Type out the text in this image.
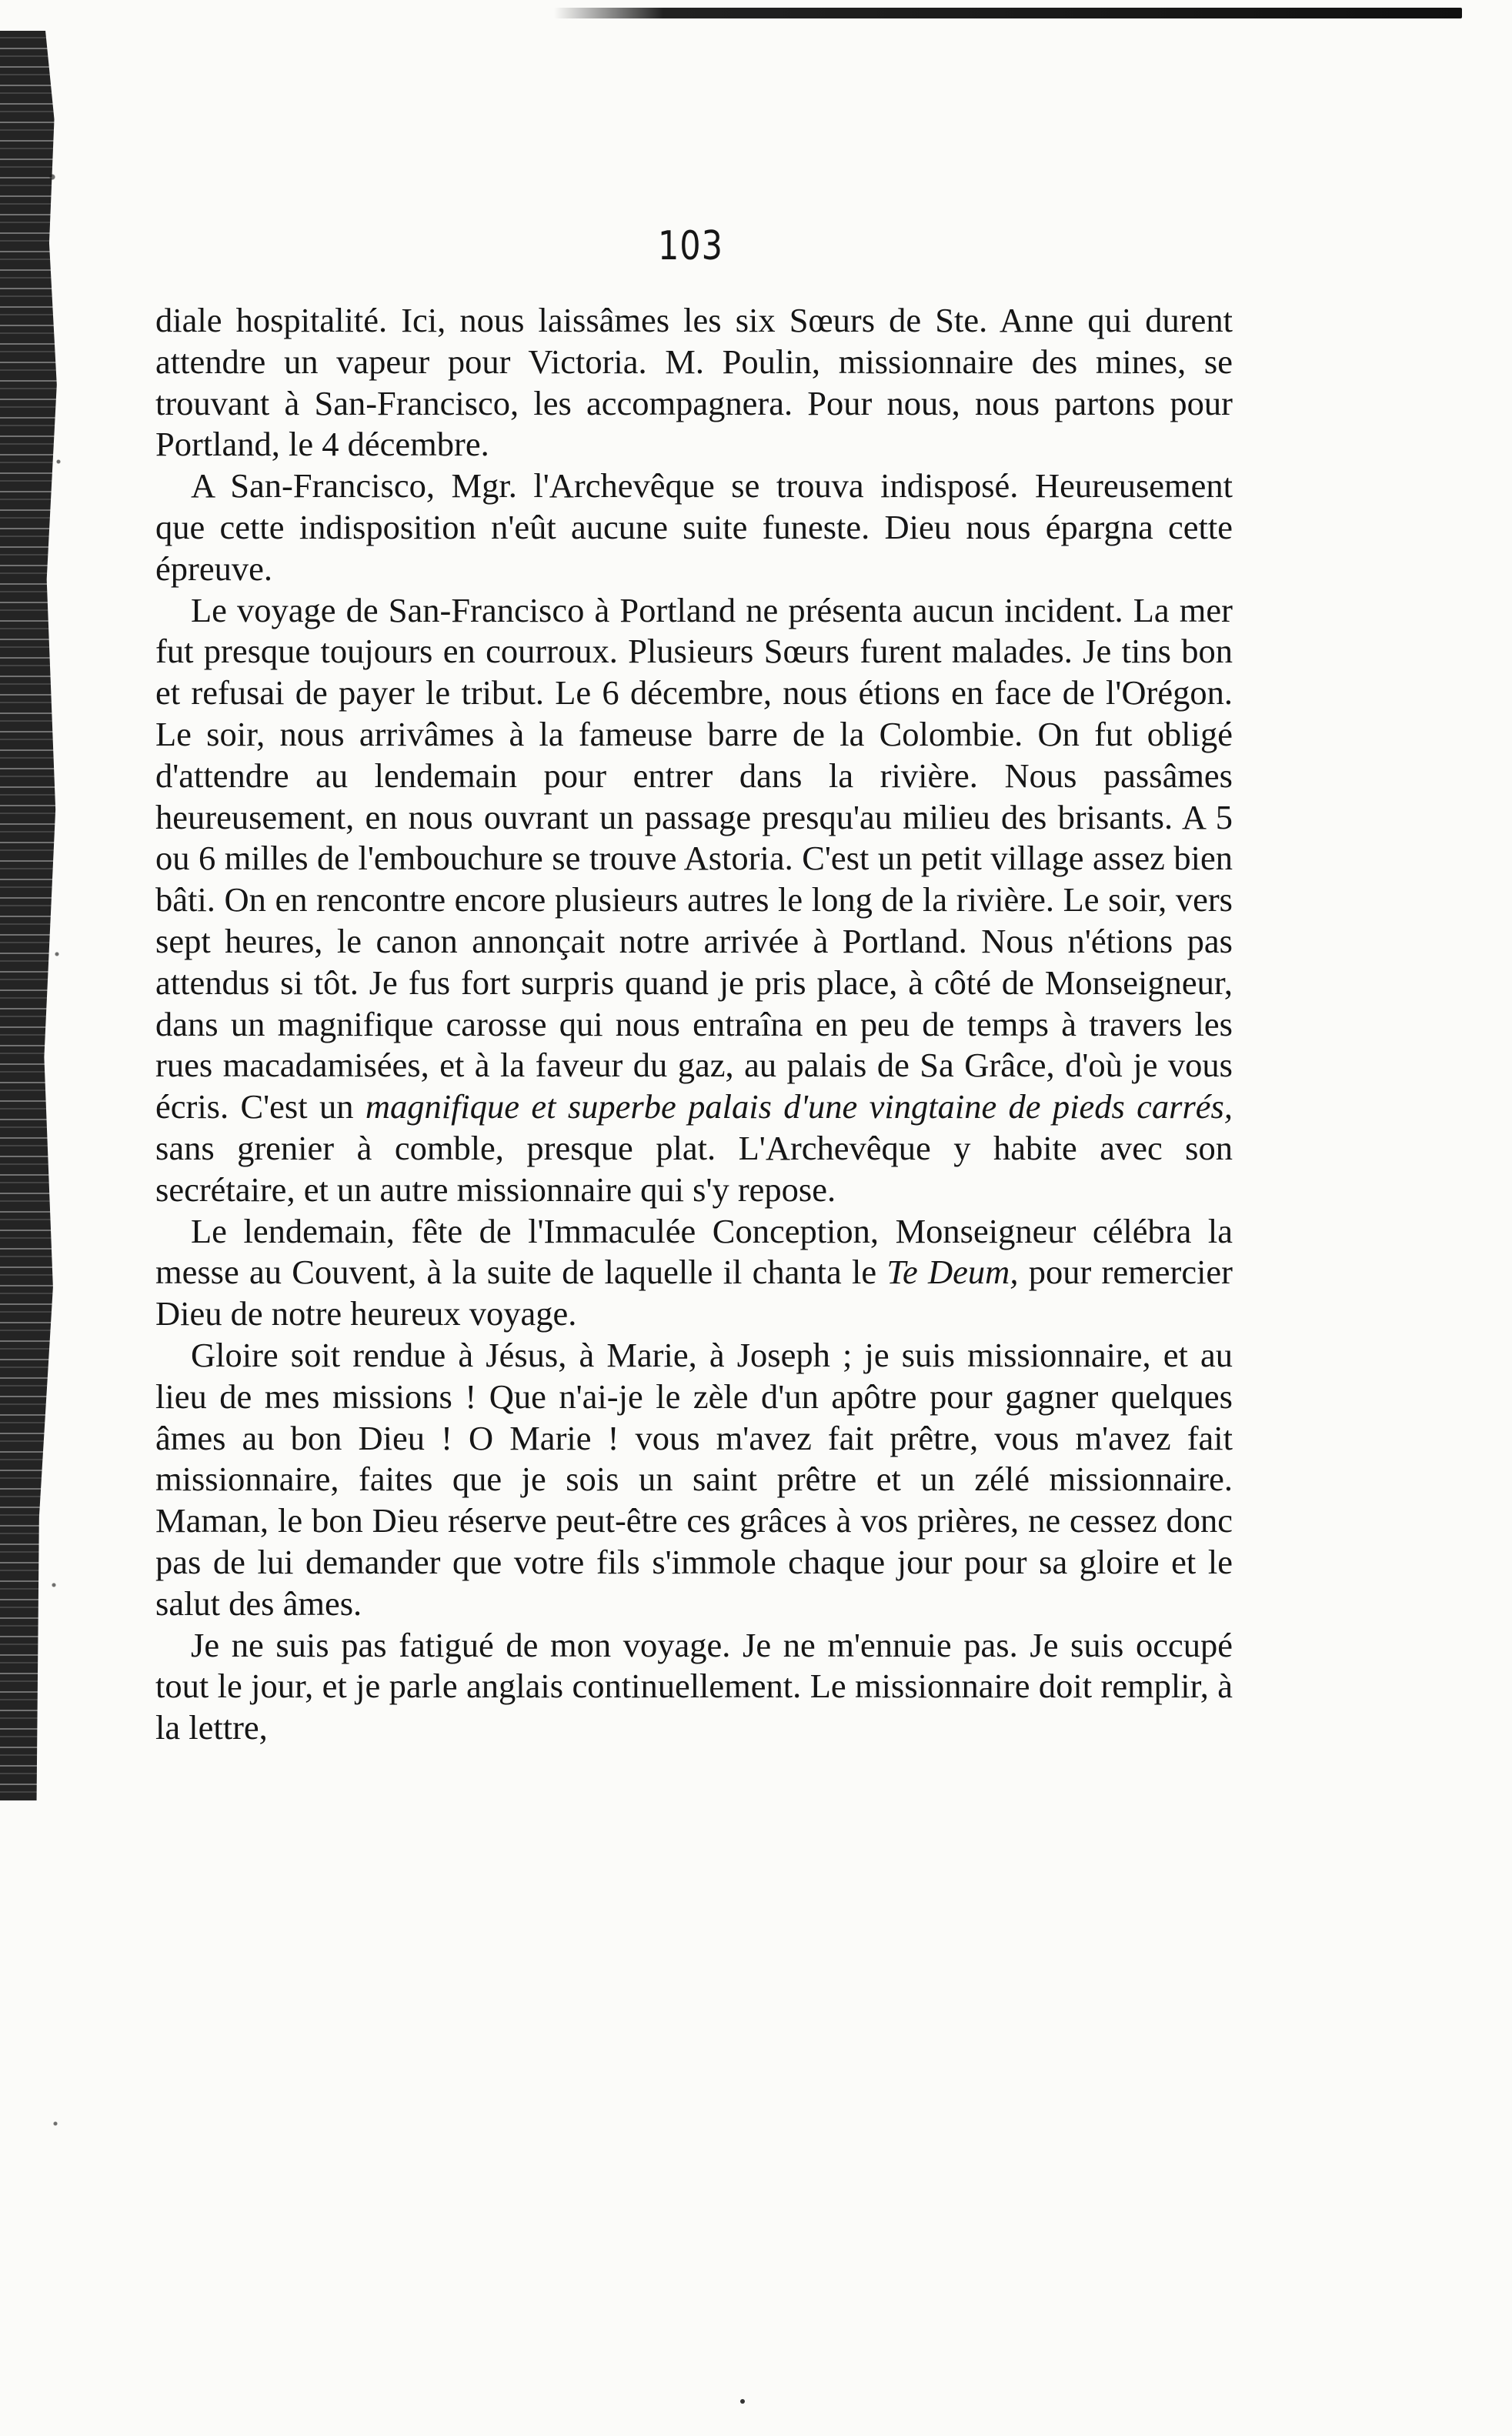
103

diale hospitalité. Ici, nous laissâmes les six Sœurs de Ste. Anne qui durent attendre un vapeur pour Victoria. M. Poulin, missionnaire des mines, se trouvant à San-Francisco, les accompagnera. Pour nous, nous partons pour Portland, le 4 décembre.

A San-Francisco, Mgr. l'Archevêque se trouva indisposé. Heureusement que cette indisposition n'eût aucune suite funeste. Dieu nous épargna cette épreuve.

Le voyage de San-Francisco à Portland ne présenta aucun incident. La mer fut presque toujours en courroux. Plusieurs Sœurs furent malades. Je tins bon et refusai de payer le tribut. Le 6 décembre, nous étions en face de l'Orégon. Le soir, nous arrivâmes à la fameuse barre de la Colombie. On fut obligé d'attendre au lendemain pour entrer dans la rivière. Nous passâmes heureusement, en nous ouvrant un passage presqu'au milieu des brisants. A 5 ou 6 milles de l'embouchure se trouve Astoria. C'est un petit village assez bien bâti. On en rencontre encore plusieurs autres le long de la rivière. Le soir, vers sept heures, le canon annonçait notre arrivée à Portland. Nous n'étions pas attendus si tôt. Je fus fort surpris quand je pris place, à côté de Monseigneur, dans un magnifique carosse qui nous entraîna en peu de temps à travers les rues macadamisées, et à la faveur du gaz, au palais de Sa Grâce, d'où je vous écris. C'est un magnifique et superbe palais d'une vingtaine de pieds carrés, sans grenier à comble, presque plat. L'Archevêque y habite avec son secrétaire, et un autre missionnaire qui s'y repose.

Le lendemain, fête de l'Immaculée Conception, Monseigneur célébra la messe au Couvent, à la suite de laquelle il chanta le Te Deum, pour remercier Dieu de notre heureux voyage.

Gloire soit rendue à Jésus, à Marie, à Joseph ; je suis missionnaire, et au lieu de mes missions ! Que n'ai-je le zèle d'un apôtre pour gagner quelques âmes au bon Dieu ! O Marie ! vous m'avez fait prêtre, vous m'avez fait missionnaire, faites que je sois un saint prêtre et un zélé missionnaire. Maman, le bon Dieu réserve peut-être ces grâces à vos prières, ne cessez donc pas de lui demander que votre fils s'immole chaque jour pour sa gloire et le salut des âmes.

Je ne suis pas fatigué de mon voyage. Je ne m'ennuie pas. Je suis occupé tout le jour, et je parle anglais continuellement. Le missionnaire doit remplir, à la lettre,
